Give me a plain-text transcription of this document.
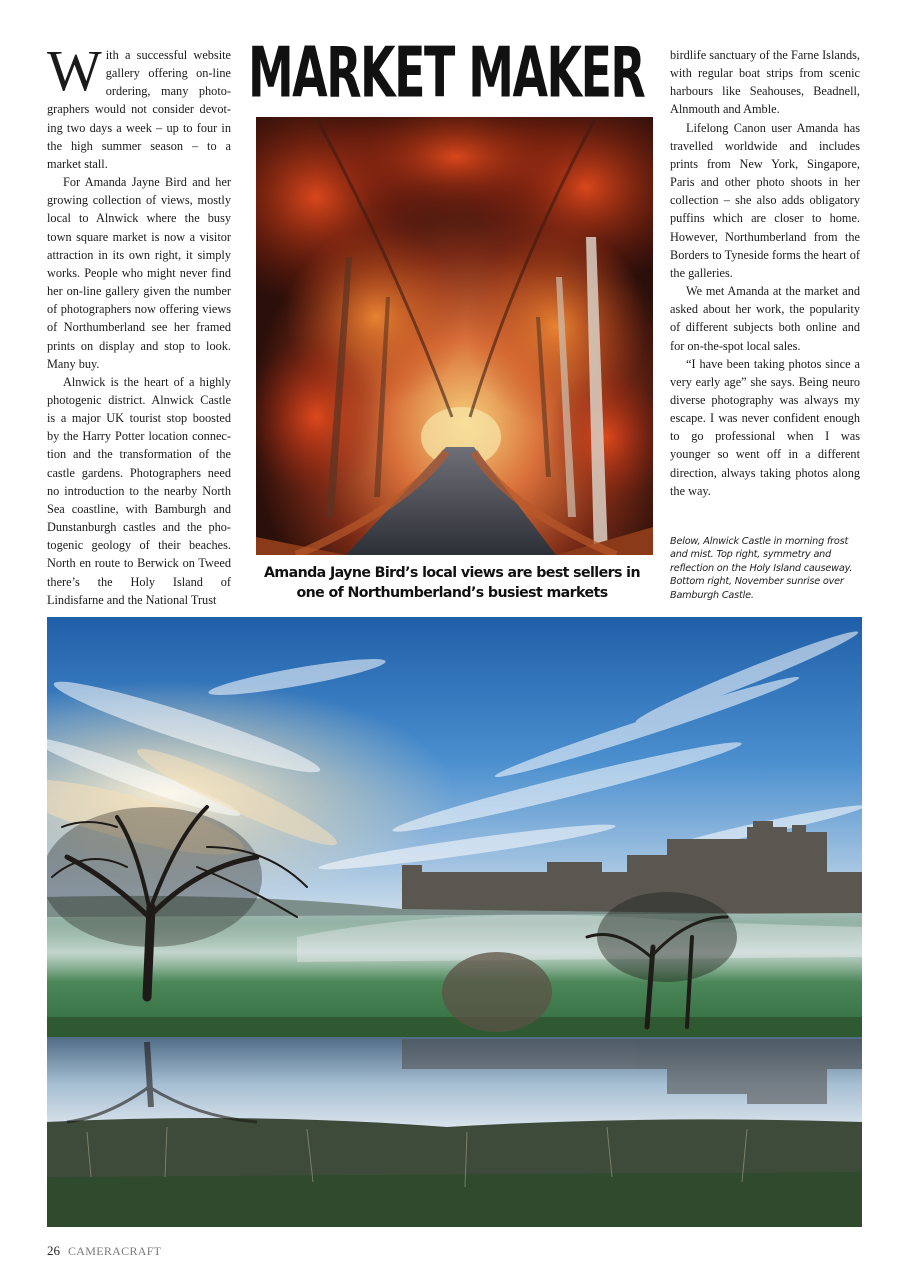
W ith a successful website gallery offering on-line ordering, many photographers would not consider devoting two days a week – up to four in the high summer season – to a market stall.

For Amanda Jayne Bird and her growing collection of views, mostly local to Alnwick where the busy town square market is now a visitor attraction in its own right, it simply works. People who might never find her on-line gallery given the number of photographers now offering views of Northumberland see her framed prints on display and stop to look. Many buy.

Alnwick is the heart of a highly photogenic district. Alnwick Castle is a major UK tourist stop boosted by the Harry Potter location connection and the transformation of the castle gardens. Photographers need no introduction to the nearby North Sea coastline, with Bamburgh and Dunstanburgh castles and the photogenic geology of their beaches. North en route to Berwick on Tweed there’s the Holy Island of Lindisfarne and the National Trust

MARKET MAKER
Amanda Jayne Bird’s local views are best sellers in one of Northumberland’s busiest markets

birdlife sanctuary of the Farne Islands, with regular boat strips from scenic harbours like Seahouses, Beadnell, Alnmouth and Amble.

Lifelong Canon user Amanda has travelled worldwide and includes prints from New York, Singapore, Paris and other photo shoots in her collection – she also adds obligatory puffins which are closer to home. However, Northumberland from the Borders to Tyneside forms the heart of the galleries.

We met Amanda at the market and asked about her work, the popularity of different subjects both online and for on-the-spot local sales.

“I have been taking photos since a very early age” she says. Being neuro diverse photography was always my escape. I was never confident enough to go professional when I was younger so went off in a different direction, always taking photos along the way.

Below, Alnwick Castle in morning frost and mist. Top right, symmetry and reflection on the Holy Island causeway. Bottom right, November sunrise over Bamburgh Castle.
26 CAMERACRAFT
